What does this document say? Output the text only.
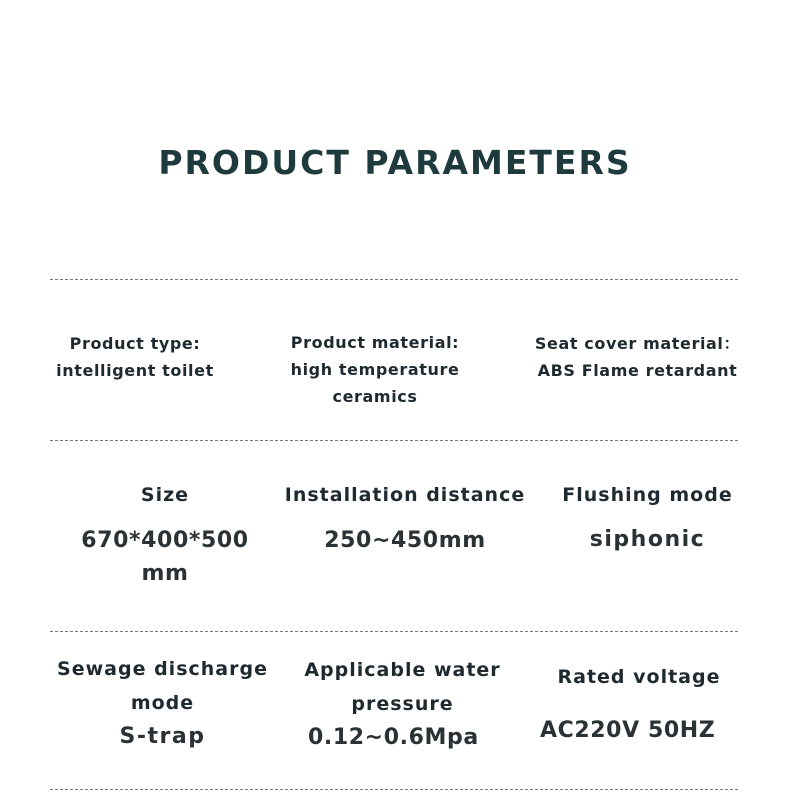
PRODUCT PARAMETERS
Product type:
intelligent toilet
Product material:
high temperature
ceramics
Seat cover material：
ABS Flame retardant
Size
670*400*500 mm
Installation distance
250~450mm
Flushing mode
siphonic
Sewage discharge mode
S-trap
Applicable water pressure
0.12~0.6Mpa
Rated voltage
AC220V 50HZ
